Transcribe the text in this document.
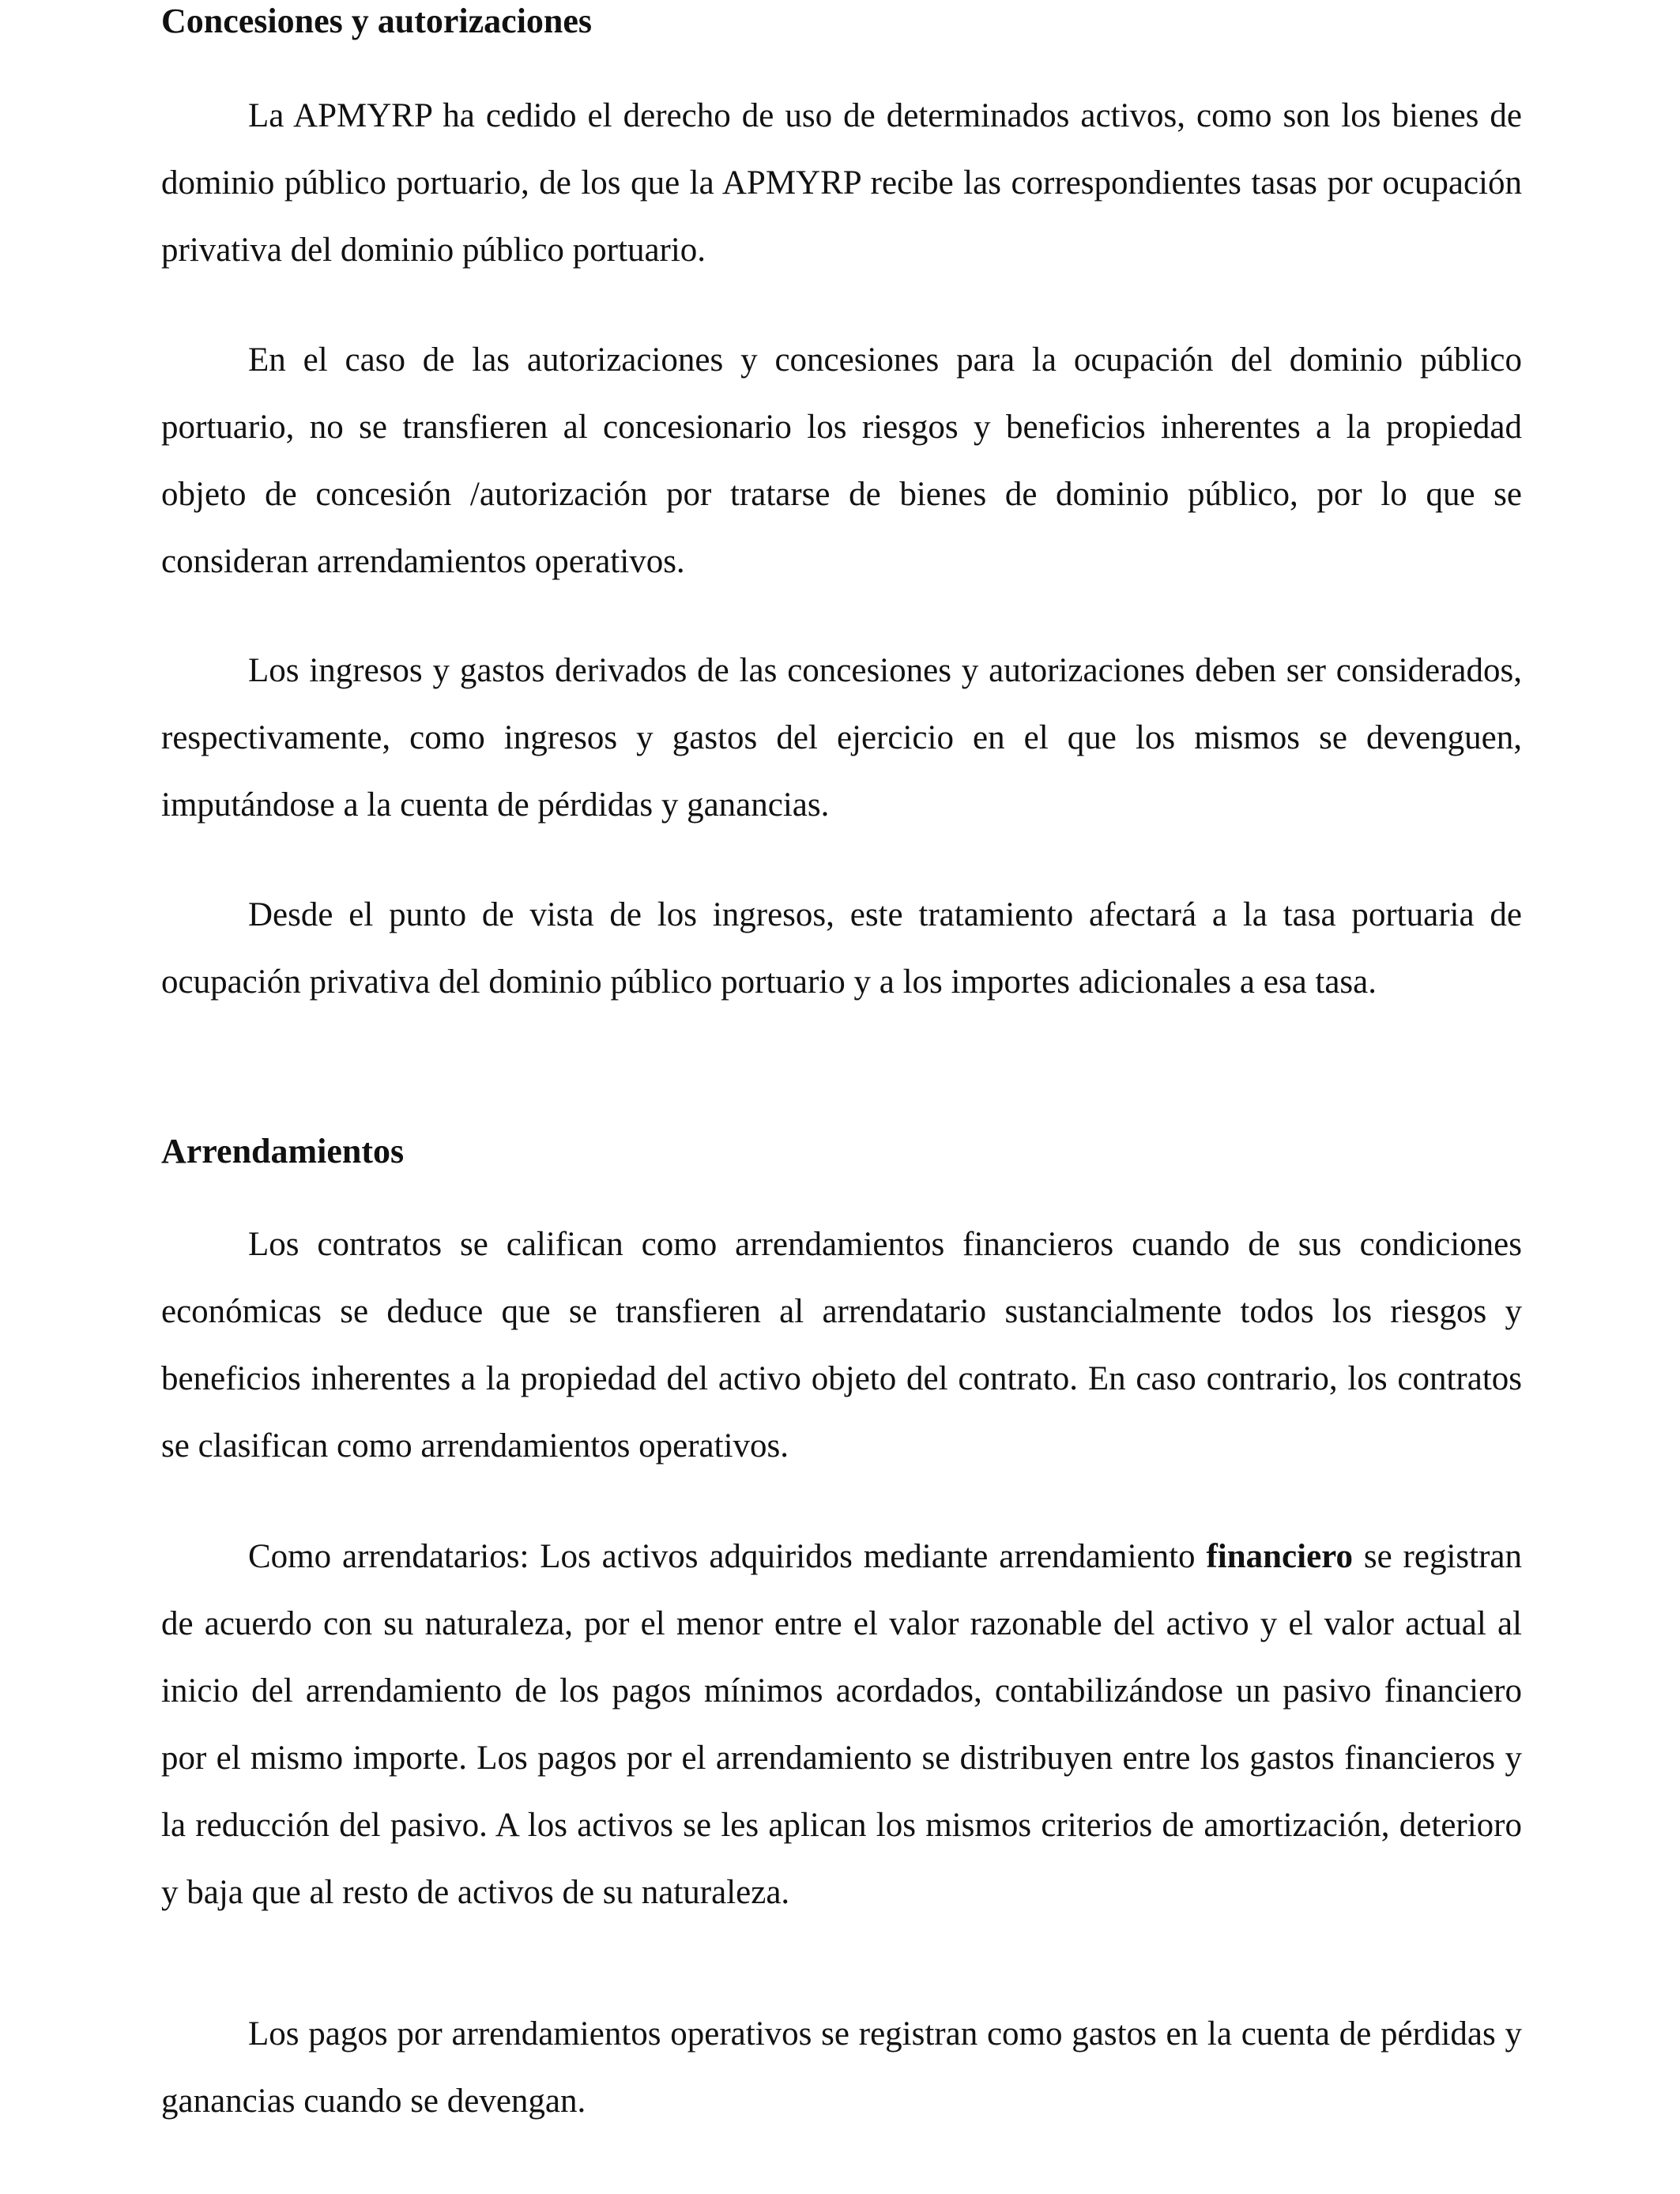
Concesiones y autorizaciones

La APMYRP ha cedido el derecho de uso de determinados activos, como son los bienes de dominio público portuario, de los que la APMYRP recibe las correspondientes tasas por ocupación privativa del dominio público portuario.

En el caso de las autorizaciones y concesiones para la ocupación del dominio público portuario, no se transfieren al concesionario los riesgos y beneficios inherentes a la propiedad objeto de concesión /autorización por tratarse de bienes de dominio público, por lo que se consideran arrendamientos operativos.

Los ingresos y gastos derivados de las concesiones y autorizaciones deben ser considerados, respectivamente, como ingresos y gastos del ejercicio en el que los mismos se devenguen, imputándose a la cuenta de pérdidas y ganancias.

Desde el punto de vista de los ingresos, este tratamiento afectará a la tasa portuaria de ocupación privativa del dominio público portuario y a los importes adicionales a esa tasa.

Arrendamientos

Los contratos se califican como arrendamientos financieros cuando de sus condiciones económicas se deduce que se transfieren al arrendatario sustancialmente todos los riesgos y beneficios inherentes a la propiedad del activo objeto del contrato. En caso contrario, los contratos se clasifican como arrendamientos operativos.

Como arrendatarios: Los activos adquiridos mediante arrendamiento financiero se registran de acuerdo con su naturaleza, por el menor entre el valor razonable del activo y el valor actual al inicio del arrendamiento de los pagos mínimos acordados, contabilizándose un pasivo financiero por el mismo importe. Los pagos por el arrendamiento se distribuyen entre los gastos financieros y la reducción del pasivo. A los activos se les aplican los mismos criterios de amortización, deterioro y baja que al resto de activos de su naturaleza.

Los pagos por arrendamientos operativos se registran como gastos en la cuenta de pérdidas y ganancias cuando se devengan.
